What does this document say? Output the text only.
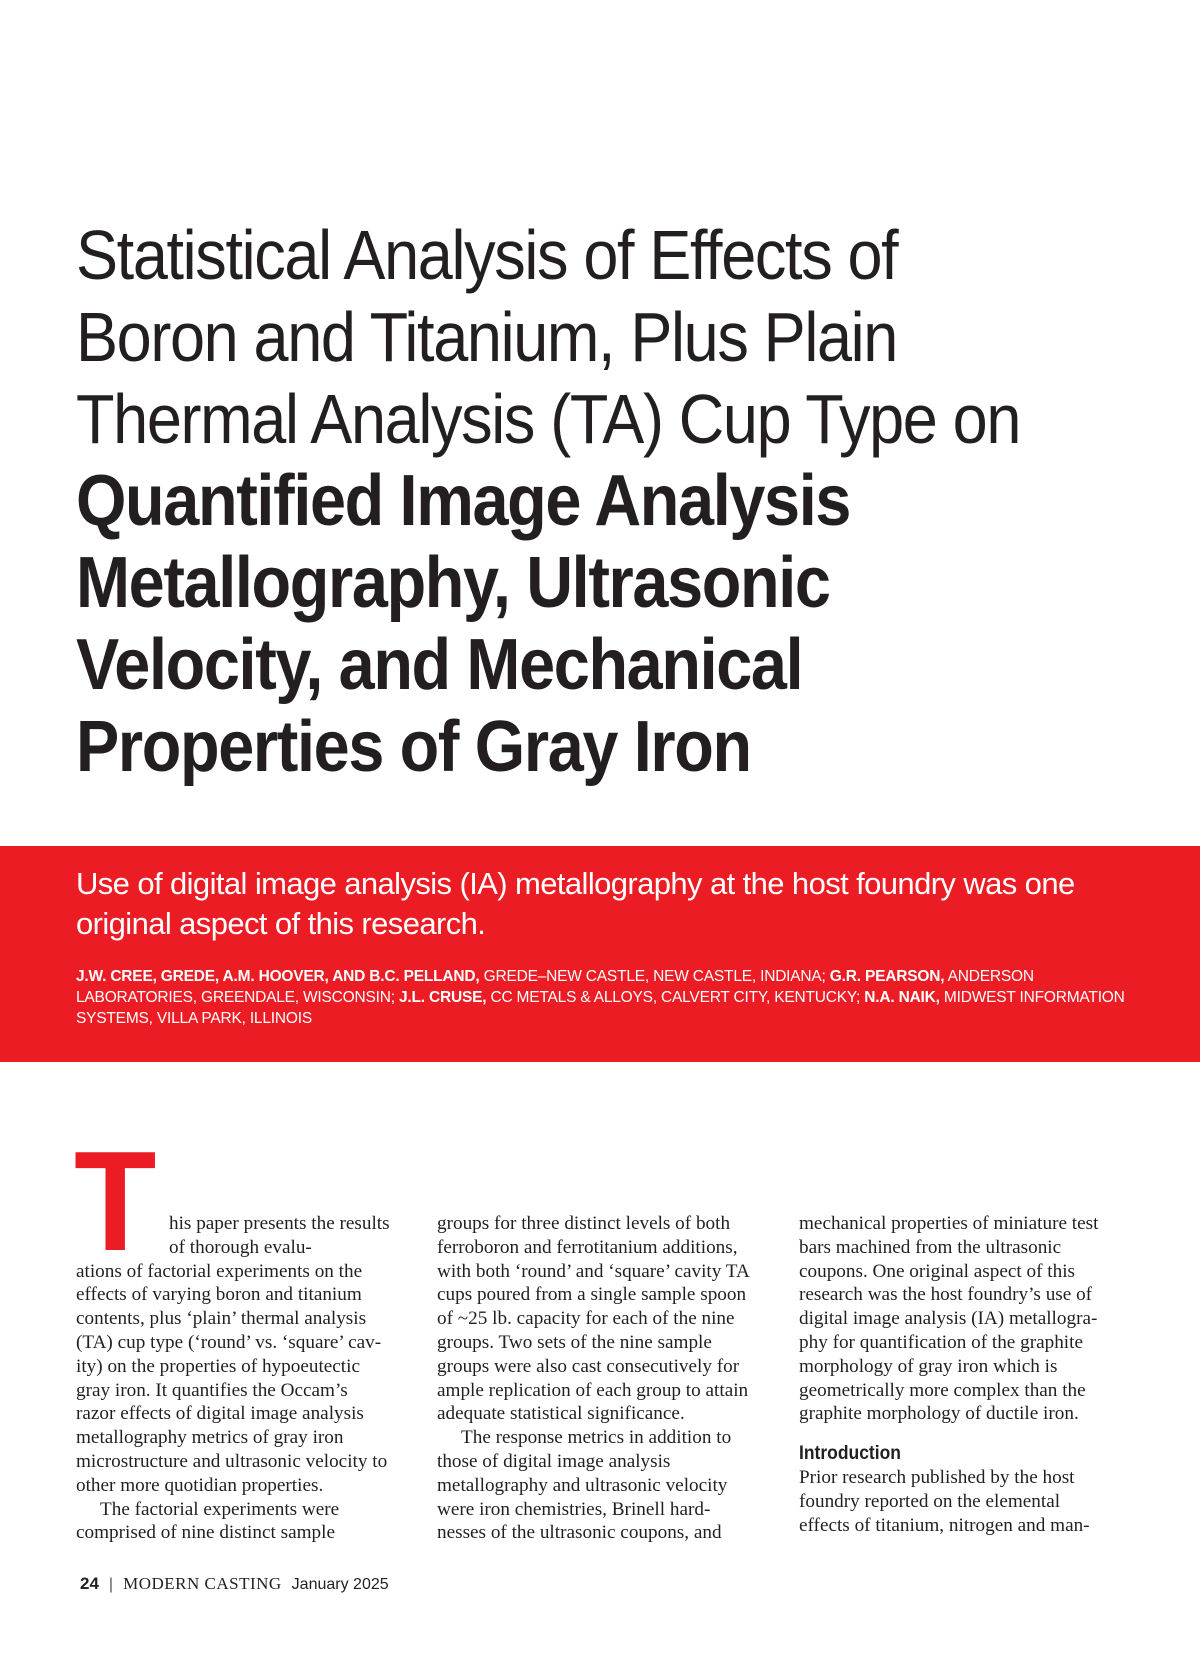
Statistical Analysis of Effects of
Boron and Titanium, Plus Plain
Thermal Analysis (TA) Cup Type on
Quantified Image Analysis
Metallography, Ultrasonic
Velocity, and Mechanical
Properties of Gray Iron
Use of digital image analysis (IA) metallography at the host foundry was one original aspect of this research.
J.W. CREE, GREDE, A.M. HOOVER, AND B.C. PELLAND, GREDE–NEW CASTLE, NEW CASTLE, INDIANA; G.R. PEARSON, ANDERSON LABORATORIES, GREENDALE, WISCONSIN; J.L. CRUSE, CC METALS & ALLOYS, CALVERT CITY, KENTUCKY; N.A. NAIK, MIDWEST INFORMATION SYSTEMS, VILLA PARK, ILLINOIS
T his paper presents the results of thorough evalu-

ations of factorial experiments on the effects of varying boron and titanium contents, plus ‘plain’ thermal analysis (TA) cup type (‘round’ vs. ‘square’ cav-ity) on the properties of hypoeutectic gray iron. It quantifies the Occam’s razor effects of digital image analysis metallography metrics of gray iron microstructure and ultrasonic velocity to other more quotidian properties.

The factorial experiments were comprised of nine distinct sample

groups for three distinct levels of both ferroboron and ferrotitanium additions, with both ‘round’ and ‘square’ cavity TA cups poured from a single sample spoon of ~25 lb. capacity for each of the nine groups. Two sets of the nine sample groups were also cast consecutively for ample replication of each group to attain adequate statistical significance.

The response metrics in addition to those of digital image analysis metallography and ultrasonic velocity were iron chemistries, Brinell hard-nesses of the ultrasonic coupons, and

mechanical properties of miniature test bars machined from the ultrasonic coupons. One original aspect of this research was the host foundry’s use of digital image analysis (IA) metallogra-phy for quantification of the graphite morphology of gray iron which is geometrically more complex than the graphite morphology of ductile iron.

Introduction

Prior research published by the host foundry reported on the elemental effects of titanium, nitrogen and man-

24 | MODERN CASTING January 2025
